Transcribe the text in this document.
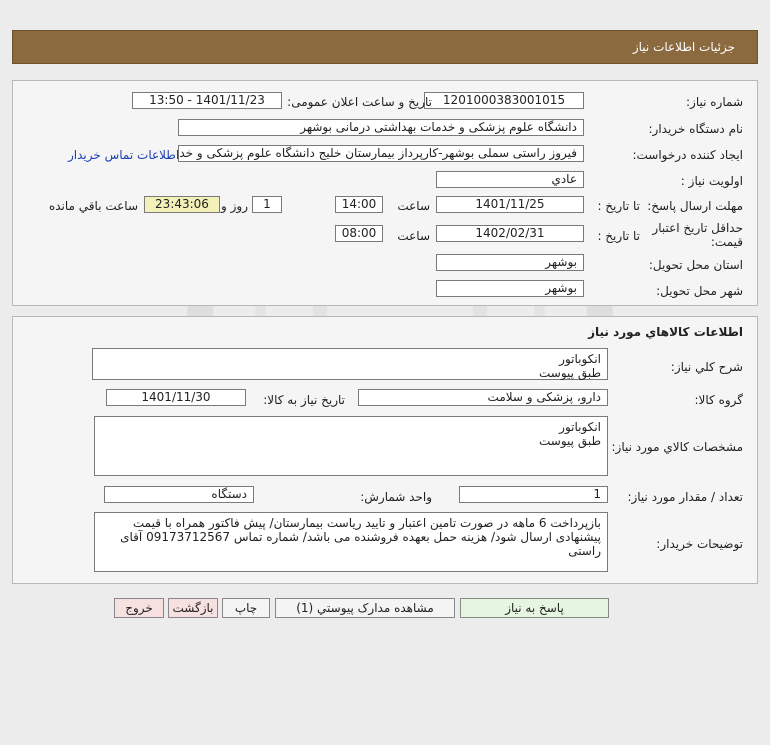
جزئیات اطلاعات نیاز
شماره نیاز:
1201000383001015
تاریخ و ساعت اعلان عمومی:
1401/11/23 - 13:50
نام دستگاه خریدار:
دانشگاه علوم پزشکی و خدمات بهداشتی درمانی بوشهر
ایجاد کننده درخواست:
فیروز راستی سملی بوشهر-کارپرداز بیمارستان خلیج دانشگاه علوم پزشکی و خد
اطلاعات تماس خریدار
اولویت نیاز :
عادي
مهلت ارسال پاسخ:
تا تاریخ :
1401/11/25
ساعت
14:00
1
روز و
23:43:06
ساعت باقي مانده
حداقل تاریخ اعتبار
قیمت:
تا تاریخ :
1402/02/31
ساعت
08:00
استان محل تحویل:
بوشهر
شهر محل تحویل:
بوشهر
اطلاعات کالاهاي مورد نياز
شرح کلي نياز:
انکوباتور
طبق پیوست
گروه کالا:
دارو، پزشکی و سلامت
تاریخ نیاز به کالا:
1401/11/30
مشخصات کالاي مورد نياز:
انکوباتور
طبق پیوست
تعداد / مقدار مورد نیاز:
1
واحد شمارش:
دستگاه
توضیحات خریدار:
بازپرداخت 6 ماهه در صورت تامین اعتبار و تایید ریاست بیمارستان/ پیش فاکتور همراه با قیمت پیشنهادی ارسال شود/ هزینه حمل بعهده فروشنده می باشد/ شماره تماس 09173712567 آقای راستی
پاسخ به نياز
مشاهده مدارک پيوستي (1)
چاپ
بازگشت
خروج
